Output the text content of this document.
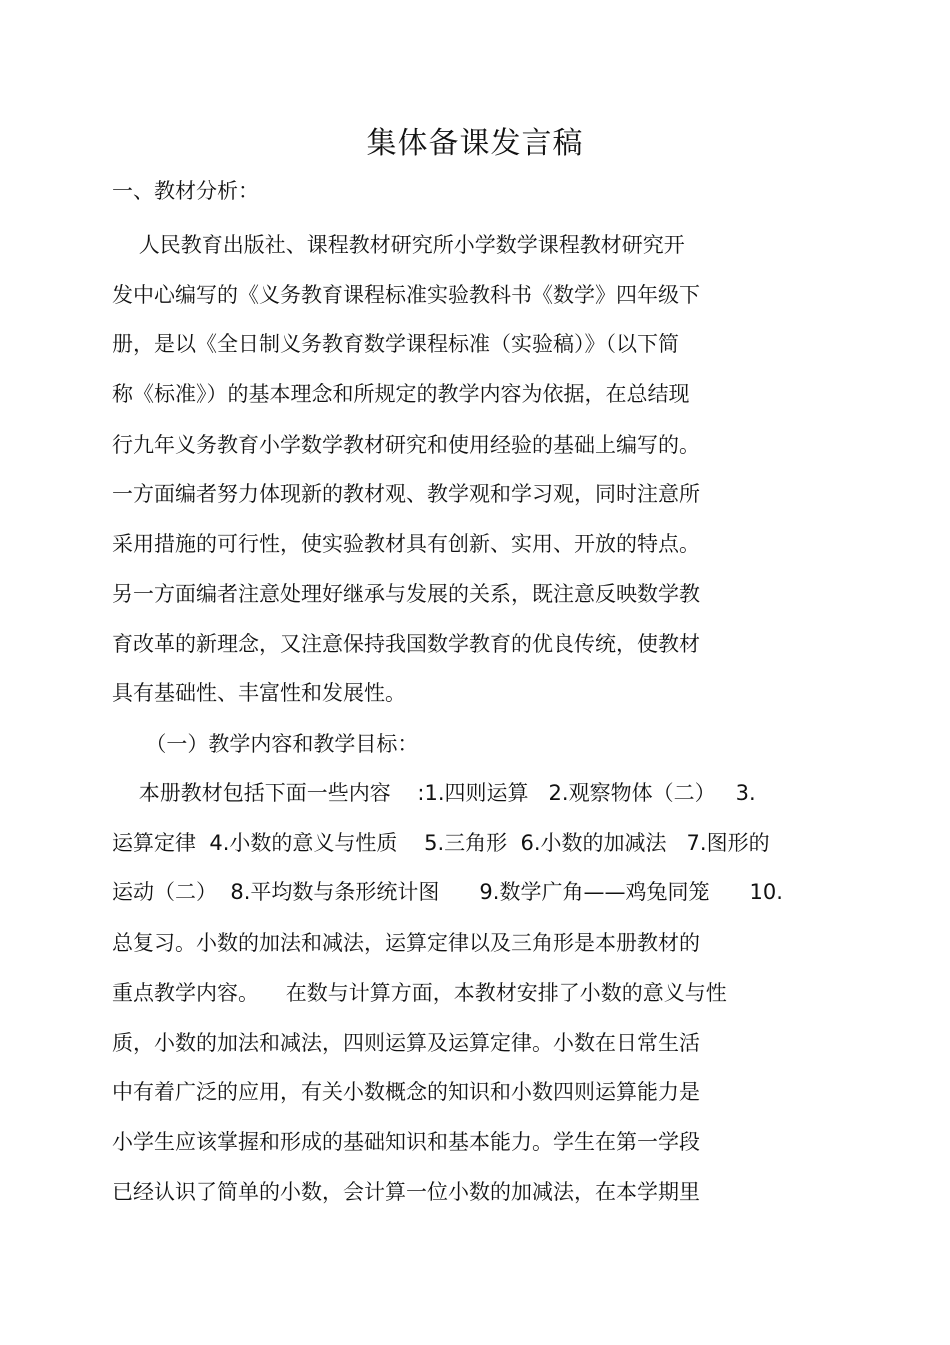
集体备课发言稿
一、教材分析：
人民教育出版社、课程教材研究所小学数学课程教材研究开
发中心编写的《义务教育课程标准实验教科书《数学》四年级下
册，是以《全日制义务教育数学课程标准（实验稿）》（以下简
称《标准》）的基本理念和所规定的教学内容为依据，在总结现
行九年义务教育小学数学教材研究和使用经验的基础上编写的。
一方面编者努力体现新的教材观、教学观和学习观，同时注意所
采用措施的可行性，使实验教材具有创新、实用、开放的特点。
另一方面编者注意处理好继承与发展的关系，既注意反映数学教
育改革的新理念，又注意保持我国数学教育的优良传统，使教材
具有基础性、丰富性和发展性。
（一）教学内容和教学目标：
本册教材包括下面一些内容    :1.四则运算   2.观察物体（二）   3.
运算定律  4.小数的意义与性质    5.三角形  6.小数的加减法   7.图形的
运动（二）  8.平均数与条形统计图      9.数学广角——鸡兔同笼      10.
总复习。小数的加法和减法，运算定律以及三角形是本册教材的
重点教学内容。    在数与计算方面，本教材安排了小数的意义与性
质，小数的加法和减法，四则运算及运算定律。小数在日常生活
中有着广泛的应用，有关小数概念的知识和小数四则运算能力是
小学生应该掌握和形成的基础知识和基本能力。学生在第一学段
已经认识了简单的小数，会计算一位小数的加减法，在本学期里
